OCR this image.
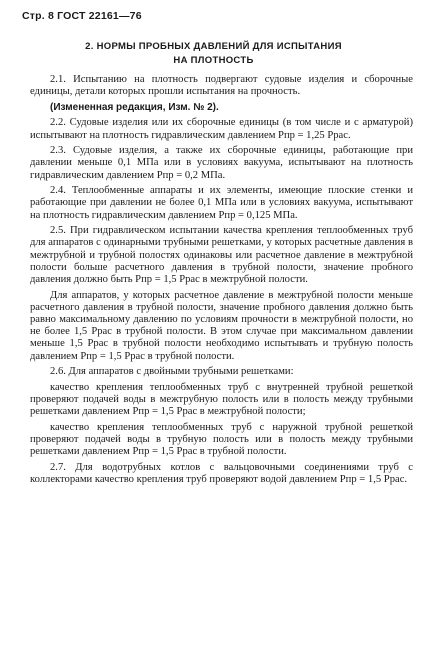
Стр. 8 ГОСТ 22161—76
2. НОРМЫ ПРОБНЫХ ДАВЛЕНИЙ ДЛЯ ИСПЫТАНИЯ
НА ПЛОТНОСТЬ

2.1. Испытанию на плотность подвергают судовые изделия и сборочные единицы, детали которых прошли испытания на прочность.

(Измененная редакция, Изм. № 2).

2.2. Судовые изделия или их сборочные единицы (в том числе и с арматурой) испытывают на плотность гидравлическим давлением Pпр = 1,25 Pрас.

2.3. Судовые изделия, а также их сборочные единицы, работающие при давлении меньше 0,1 МПа или в условиях вакуума, испытывают на плотность гидравлическим давлением Pпр = 0,2 МПа.

2.4. Теплообменные аппараты и их элементы, имеющие плоские стенки и работающие при давлении не более 0,1 МПа или в условиях вакуума, испытывают на плотность гидравлическим давлением Pпр = 0,125 МПа.

2.5. При гидравлическом испытании качества крепления теплообменных труб для аппаратов с одинарными трубными решетками, у которых расчетные давления в межтрубной и трубной полостях одинаковы или расчетное давление в межтрубной полости больше расчетного давления в трубной полости, значение пробного давления должно быть Pпр = 1,5 Pрас в межтрубной полости.

Для аппаратов, у которых расчетное давление в межтрубной полости меньше расчетного давления в трубной полости, значение пробного давления должно быть равно максимальному давлению по условиям прочности в межтрубной полости, но не более 1,5 Pрас в трубной полости. В этом случае при максимальном давлении меньше 1,5 Pрас в трубной полости необходимо испытывать и трубную полость давлением Pпр = 1,5 Pрас в трубной полости.

2.6. Для аппаратов с двойными трубными решетками:

качество крепления теплообменных труб с внутренней трубной решеткой проверяют подачей воды в межтрубную полость или в полость между трубными решетками давлением Pпр = 1,5 Pрас в межтрубной полости;

качество крепления теплообменных труб с наружной трубной решеткой проверяют подачей воды в трубную полость или в полость между трубными решетками давлением Pпр = 1,5 Pрас в трубной полости.

2.7. Для водотрубных котлов с вальцовочными соединениями труб с коллекторами качество крепления труб проверяют водой давлением Pпр = 1,5 Pрас.
